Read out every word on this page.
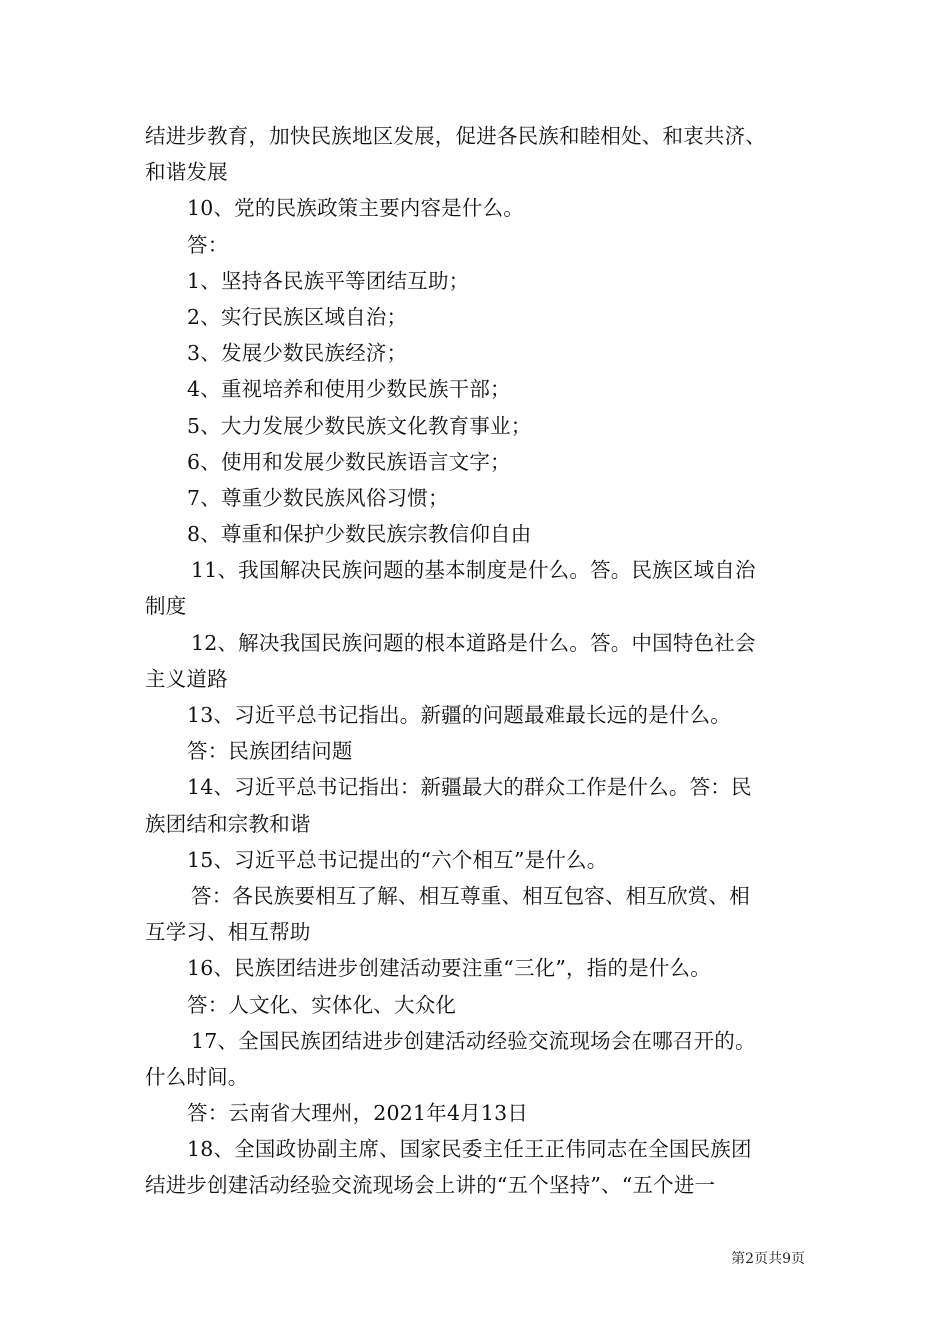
结进步教育，加快民族地区发展，促进各民族和睦相处、和衷共济、
和谐发展
10、党的民族政策主要内容是什么。
答：
1、坚持各民族平等团结互助；
2、实行民族区域自治；
3、发展少数民族经济；
4、重视培养和使用少数民族干部；
5、大力发展少数民族文化教育事业；
6、使用和发展少数民族语言文字；
7、尊重少数民族风俗习惯；
8、尊重和保护少数民族宗教信仰自由
11、我国解决民族问题的基本制度是什么。答。民族区域自治
制度
12、解决我国民族问题的根本道路是什么。答。中国特色社会
主义道路
13、习近平总书记指出。新疆的问题最难最长远的是什么。
答：民族团结问题
14、习近平总书记指出：新疆最大的群众工作是什么。答：民
族团结和宗教和谐
15、习近平总书记提出的“六个相互”是什么。
答：各民族要相互了解、相互尊重、相互包容、相互欣赏、相
互学习、相互帮助
16、民族团结进步创建活动要注重“三化”，指的是什么。
答：人文化、实体化、大众化
17、全国民族团结进步创建活动经验交流现场会在哪召开的。
什么时间。
答：云南省大理州，2021年4月13日
18、全国政协副主席、国家民委主任王正伟同志在全国民族团
结进步创建活动经验交流现场会上讲的“五个坚持”、“五个进一
第2页共9页
